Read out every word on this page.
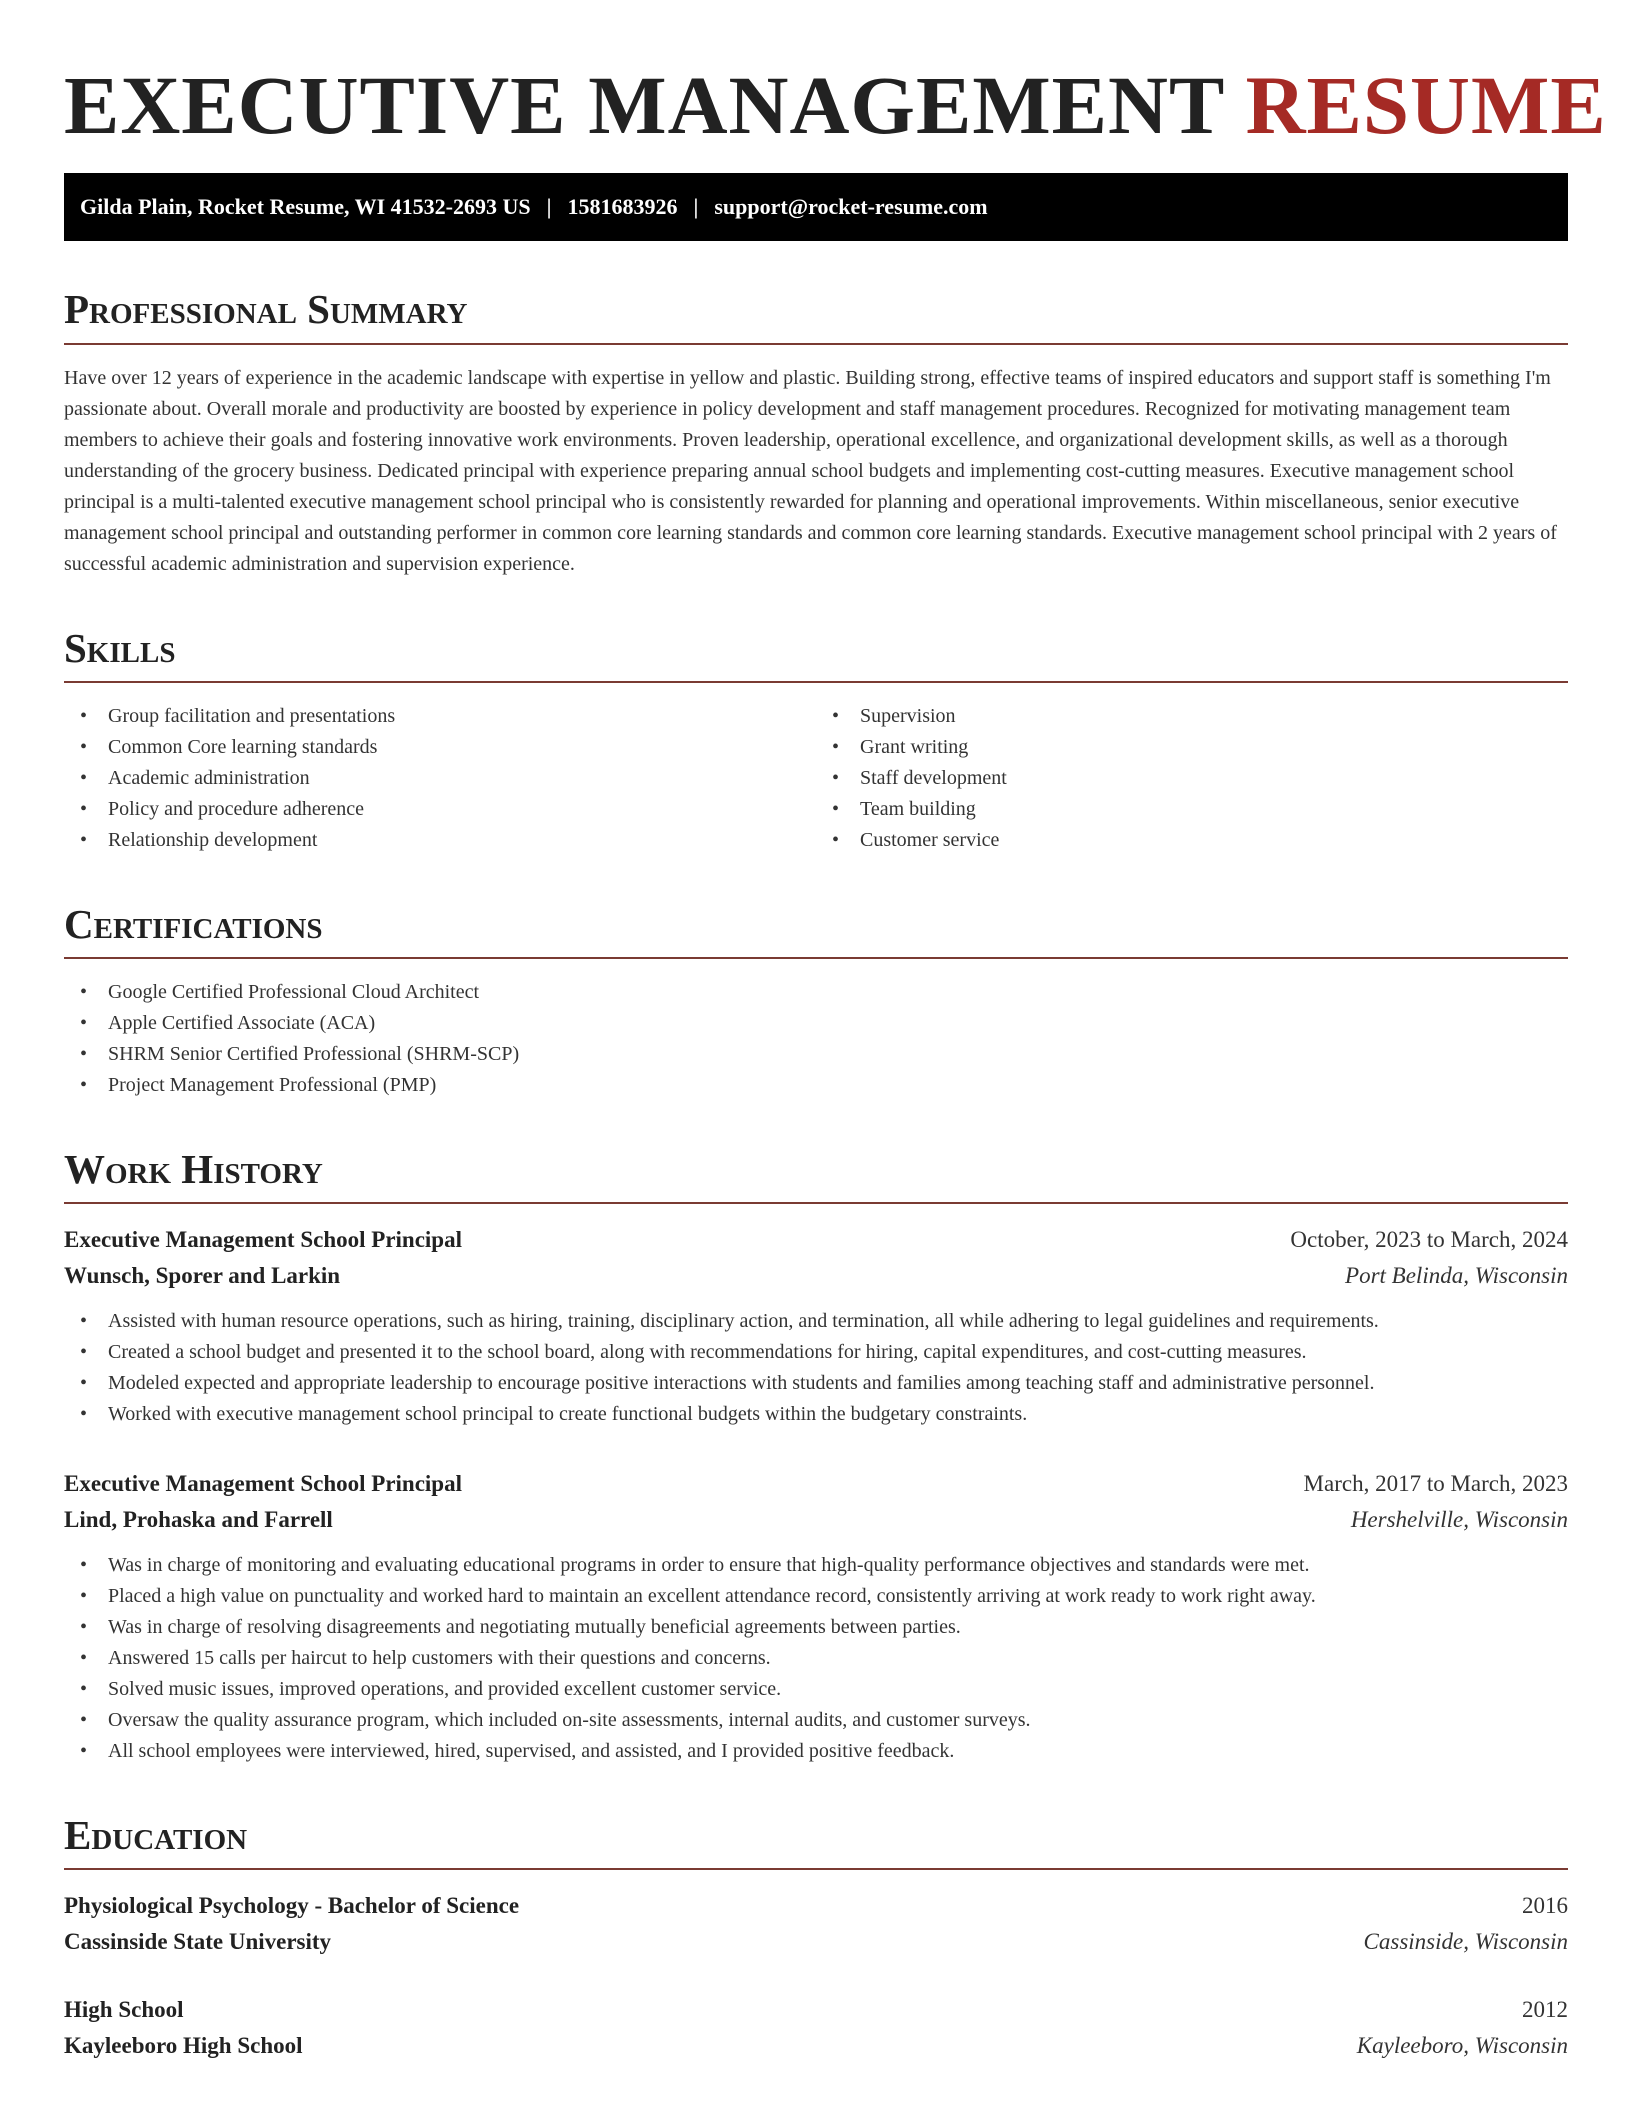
EXECUTIVE MANAGEMENT RESUME
Gilda Plain, Rocket Resume, WI 41532-2693 US | 1581683926 | support@rocket-resume.com
Professional Summary

Have over 12 years of experience in the academic landscape with expertise in yellow and plastic. Building strong, effective teams of inspired educators and support staff is something I'm passionate about. Overall morale and productivity are boosted by experience in policy development and staff management procedures. Recognized for motivating management team members to achieve their goals and fostering innovative work environments. Proven leadership, operational excellence, and organizational development skills, as well as a thorough understanding of the grocery business. Dedicated principal with experience preparing annual school budgets and implementing cost-cutting measures. Executive management school principal is a multi-talented executive management school principal who is consistently rewarded for planning and operational improvements. Within miscellaneous, senior executive management school principal and outstanding performer in common core learning standards and common core learning standards. Executive management school principal with 2 years of successful academic administration and supervision experience.

Skills
• Group facilitation and presentations
• Common Core learning standards
• Academic administration
• Policy and procedure adherence
• Relationship development
• Supervision
• Grant writing
• Staff development
• Team building
• Customer service
Certifications
• Google Certified Professional Cloud Architect
• Apple Certified Associate (ACA)
• SHRM Senior Certified Professional (SHRM-SCP)
• Project Management Professional (PMP)
Work History
Executive Management School Principal	October, 2023 to March, 2024
Wunsch, Sporer and Larkin	Port Belinda, Wisconsin
• Assisted with human resource operations, such as hiring, training, disciplinary action, and termination, all while adhering to legal guidelines and requirements.
• Created a school budget and presented it to the school board, along with recommendations for hiring, capital expenditures, and cost-cutting measures.
• Modeled expected and appropriate leadership to encourage positive interactions with students and families among teaching staff and administrative personnel.
• Worked with executive management school principal to create functional budgets within the budgetary constraints.
Executive Management School Principal	March, 2017 to March, 2023
Lind, Prohaska and Farrell	Hershelville, Wisconsin
• Was in charge of monitoring and evaluating educational programs in order to ensure that high-quality performance objectives and standards were met.
• Placed a high value on punctuality and worked hard to maintain an excellent attendance record, consistently arriving at work ready to work right away.
• Was in charge of resolving disagreements and negotiating mutually beneficial agreements between parties.
• Answered 15 calls per haircut to help customers with their questions and concerns.
• Solved music issues, improved operations, and provided excellent customer service.
• Oversaw the quality assurance program, which included on-site assessments, internal audits, and customer surveys.
• All school employees were interviewed, hired, supervised, and assisted, and I provided positive feedback.
Education
Physiological Psychology - Bachelor of Science	2016
Cassinside State University	Cassinside, Wisconsin
High School	2012
Kayleeboro High School	Kayleeboro, Wisconsin
